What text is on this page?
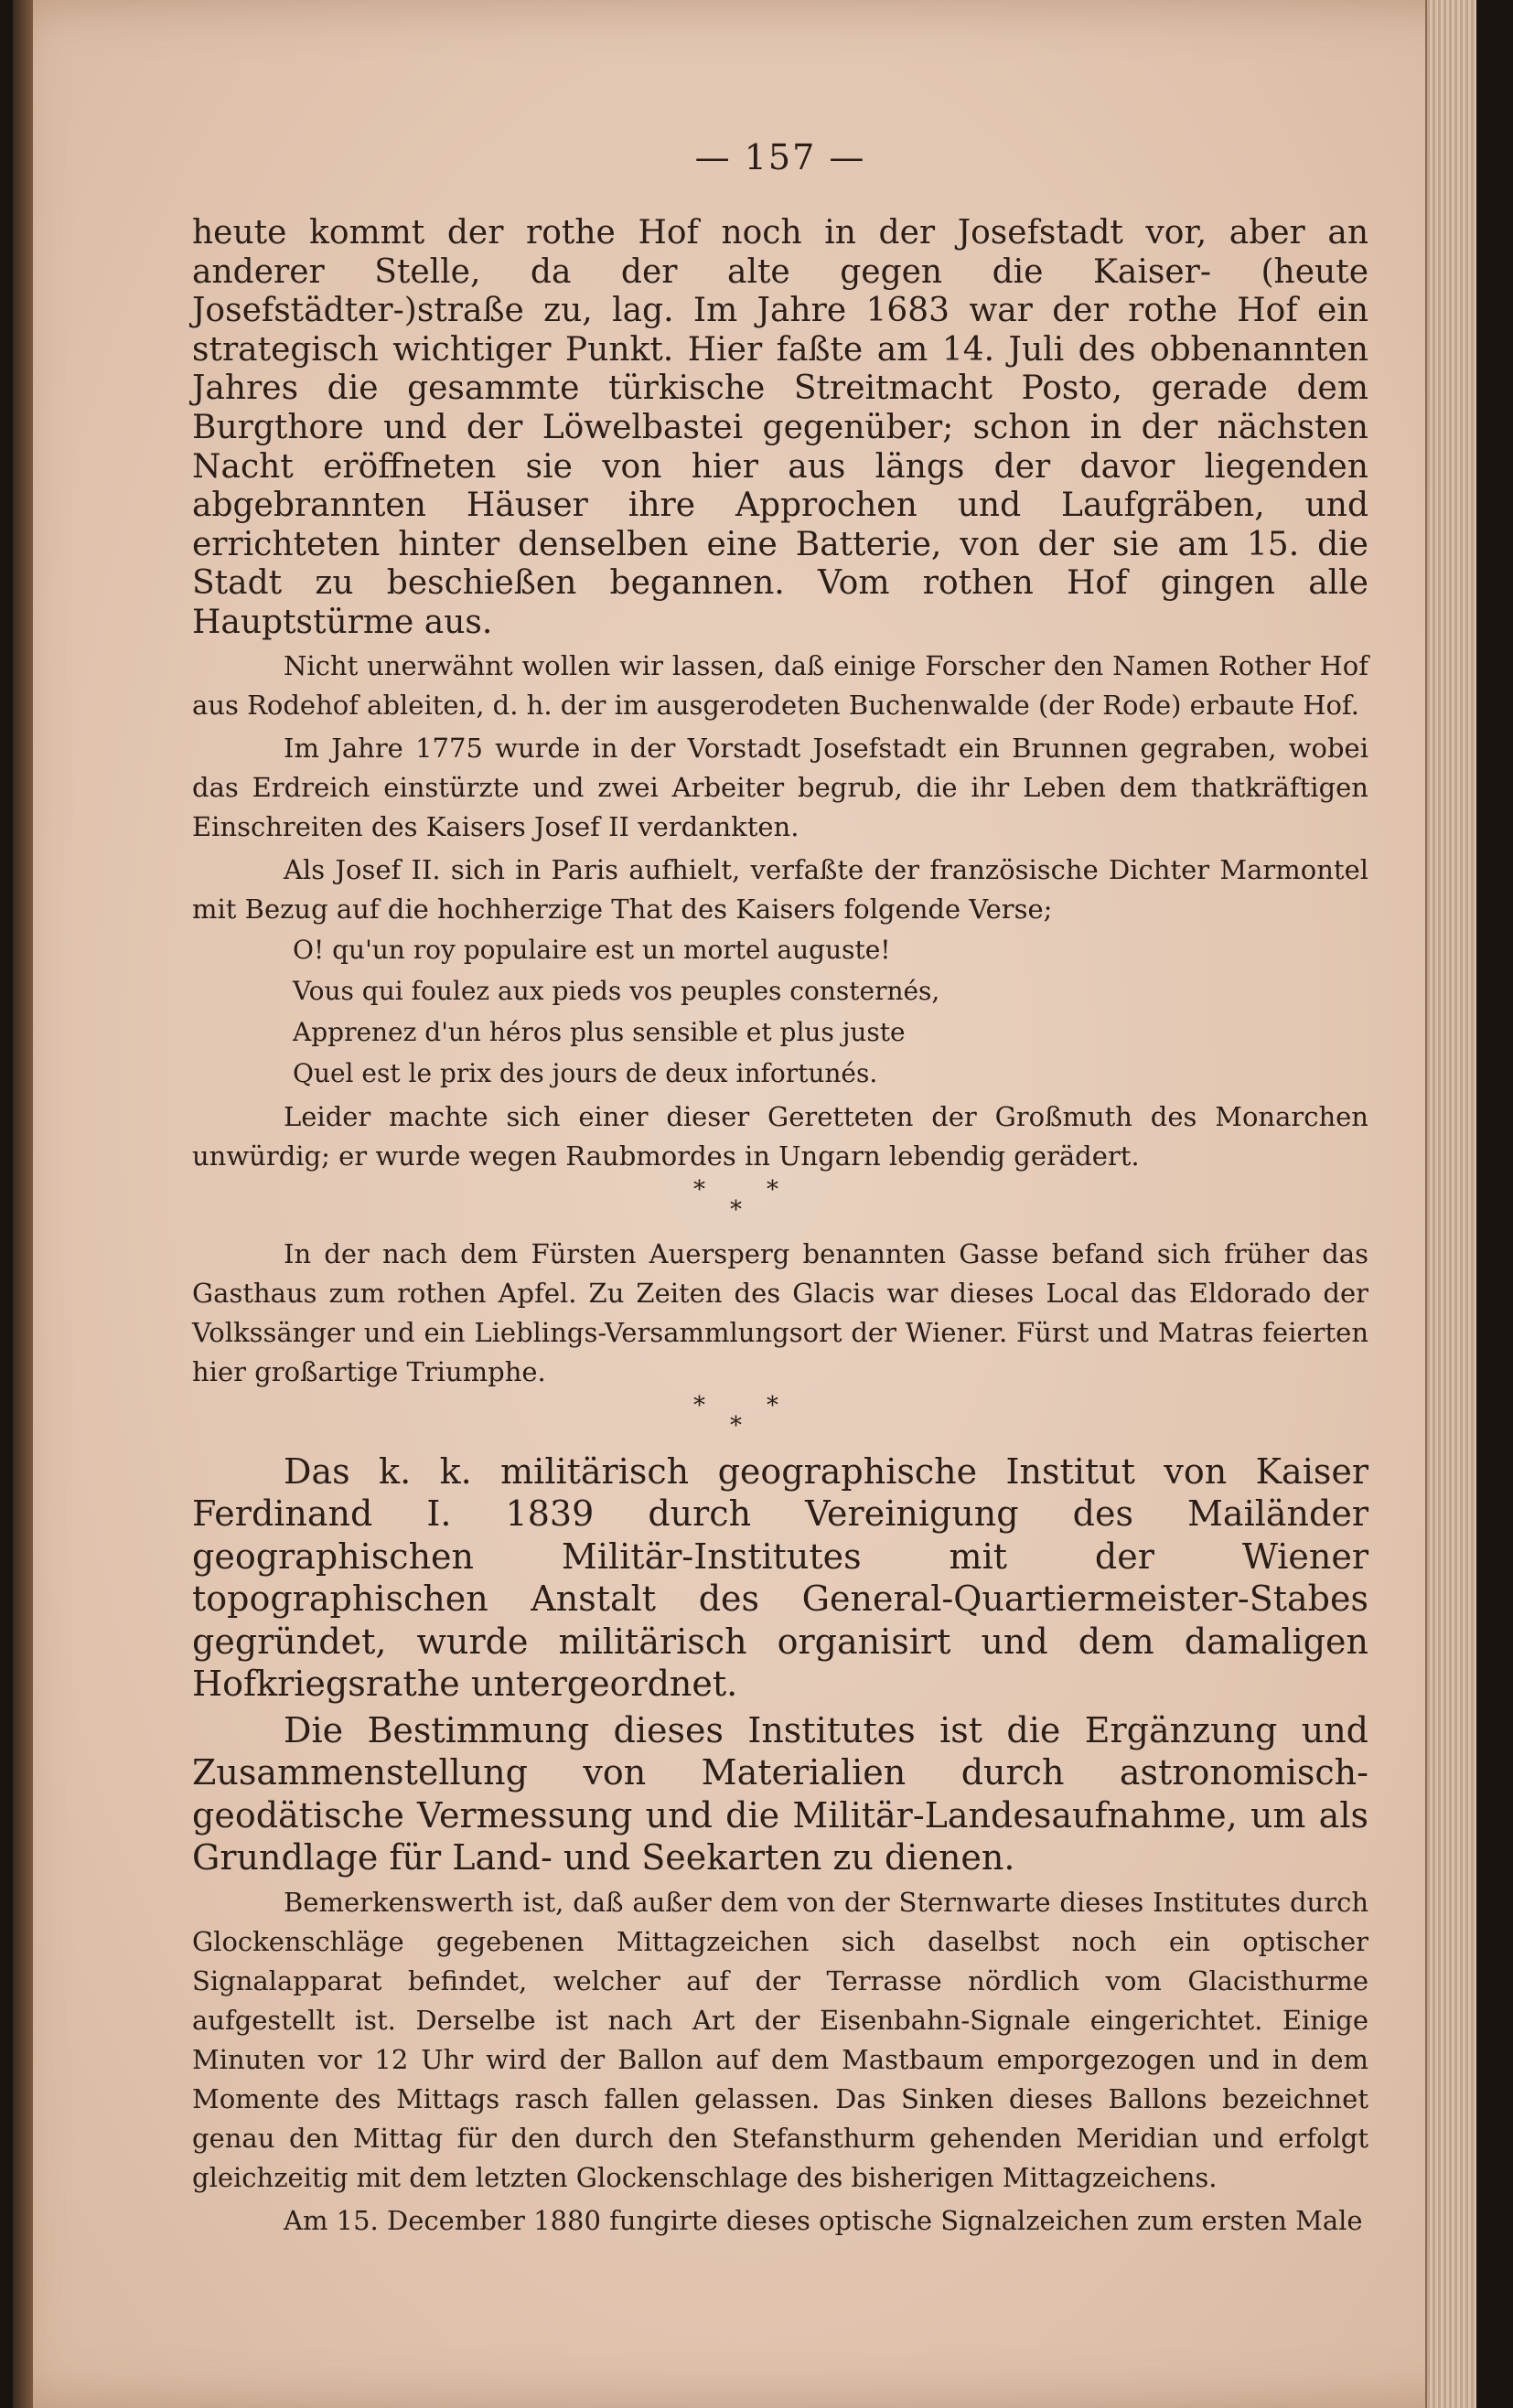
— 157 —

heute kommt der rothe Hof noch in der Josefstadt vor, aber an anderer Stelle, da der alte gegen die Kaiser- (heute Josefstädter-)straße zu, lag. Im Jahre 1683 war der rothe Hof ein strategisch wichtiger Punkt. Hier faßte am 14. Juli des obbenannten Jahres die gesammte türkische Streitmacht Posto, gerade dem Burgthore und der Löwelbastei gegenüber; schon in der nächsten Nacht eröffneten sie von hier aus längs der davor liegenden abgebrannten Häuser ihre Approchen und Laufgräben, und errichteten hinter denselben eine Batterie, von der sie am 15. die Stadt zu beschießen begannen. Vom rothen Hof gingen alle Hauptstürme aus.

Nicht unerwähnt wollen wir lassen, daß einige Forscher den Namen Rother Hof aus Rodehof ableiten, d. h. der im ausgerodeten Buchenwalde (der Rode) erbaute Hof.

Im Jahre 1775 wurde in der Vorstadt Josefstadt ein Brunnen gegraben, wobei das Erdreich einstürzte und zwei Arbeiter begrub, die ihr Leben dem thatkräftigen Einschreiten des Kaisers Josef II verdankten.

Als Josef II. sich in Paris aufhielt, verfaßte der französische Dichter Marmontel mit Bezug auf die hochherzige That des Kaisers folgende Verse;

O! qu'un roy populaire est un mortel auguste!

Vous qui foulez aux pieds vos peuples consternés,

Apprenez d'un héros plus sensible et plus juste

Quel est le prix des jours de deux infortunés.

Leider machte sich einer dieser Geretteten der Großmuth des Monarchen unwürdig; er wurde wegen Raubmordes in Ungarn lebendig gerädert.

*	*
*

In der nach dem Fürsten Auersperg benannten Gasse befand sich früher das Gasthaus zum rothen Apfel. Zu Zeiten des Glacis war dieses Local das Eldorado der Volkssänger und ein Lieblings-Versammlungsort der Wiener. Fürst und Matras feierten hier großartige Triumphe.

*	*
*

Das k. k. militärisch geographische Institut von Kaiser Ferdinand I. 1839 durch Vereinigung des Mailänder geographischen Militär-Institutes mit der Wiener topographischen Anstalt des General-Quartiermeister-Stabes gegründet, wurde militärisch organisirt und dem damaligen Hofkriegsrathe untergeordnet.

Die Bestimmung dieses Institutes ist die Ergänzung und Zusammenstellung von Materialien durch astronomisch-geodätische Vermessung und die Militär-Landesaufnahme, um als Grundlage für Land- und Seekarten zu dienen.

Bemerkenswerth ist, daß außer dem von der Sternwarte dieses Institutes durch Glockenschläge gegebenen Mittagzeichen sich daselbst noch ein optischer Signalapparat befindet, welcher auf der Terrasse nördlich vom Glacisthurme aufgestellt ist. Derselbe ist nach Art der Eisenbahn-Signale eingerichtet. Einige Minuten vor 12 Uhr wird der Ballon auf dem Mastbaum emporgezogen und in dem Momente des Mittags rasch fallen gelassen. Das Sinken dieses Ballons bezeichnet genau den Mittag für den durch den Stefansthurm gehenden Meridian und erfolgt gleichzeitig mit dem letzten Glockenschlage des bisherigen Mittagzeichens.

Am 15. December 1880 fungirte dieses optische Signalzeichen zum ersten Male
